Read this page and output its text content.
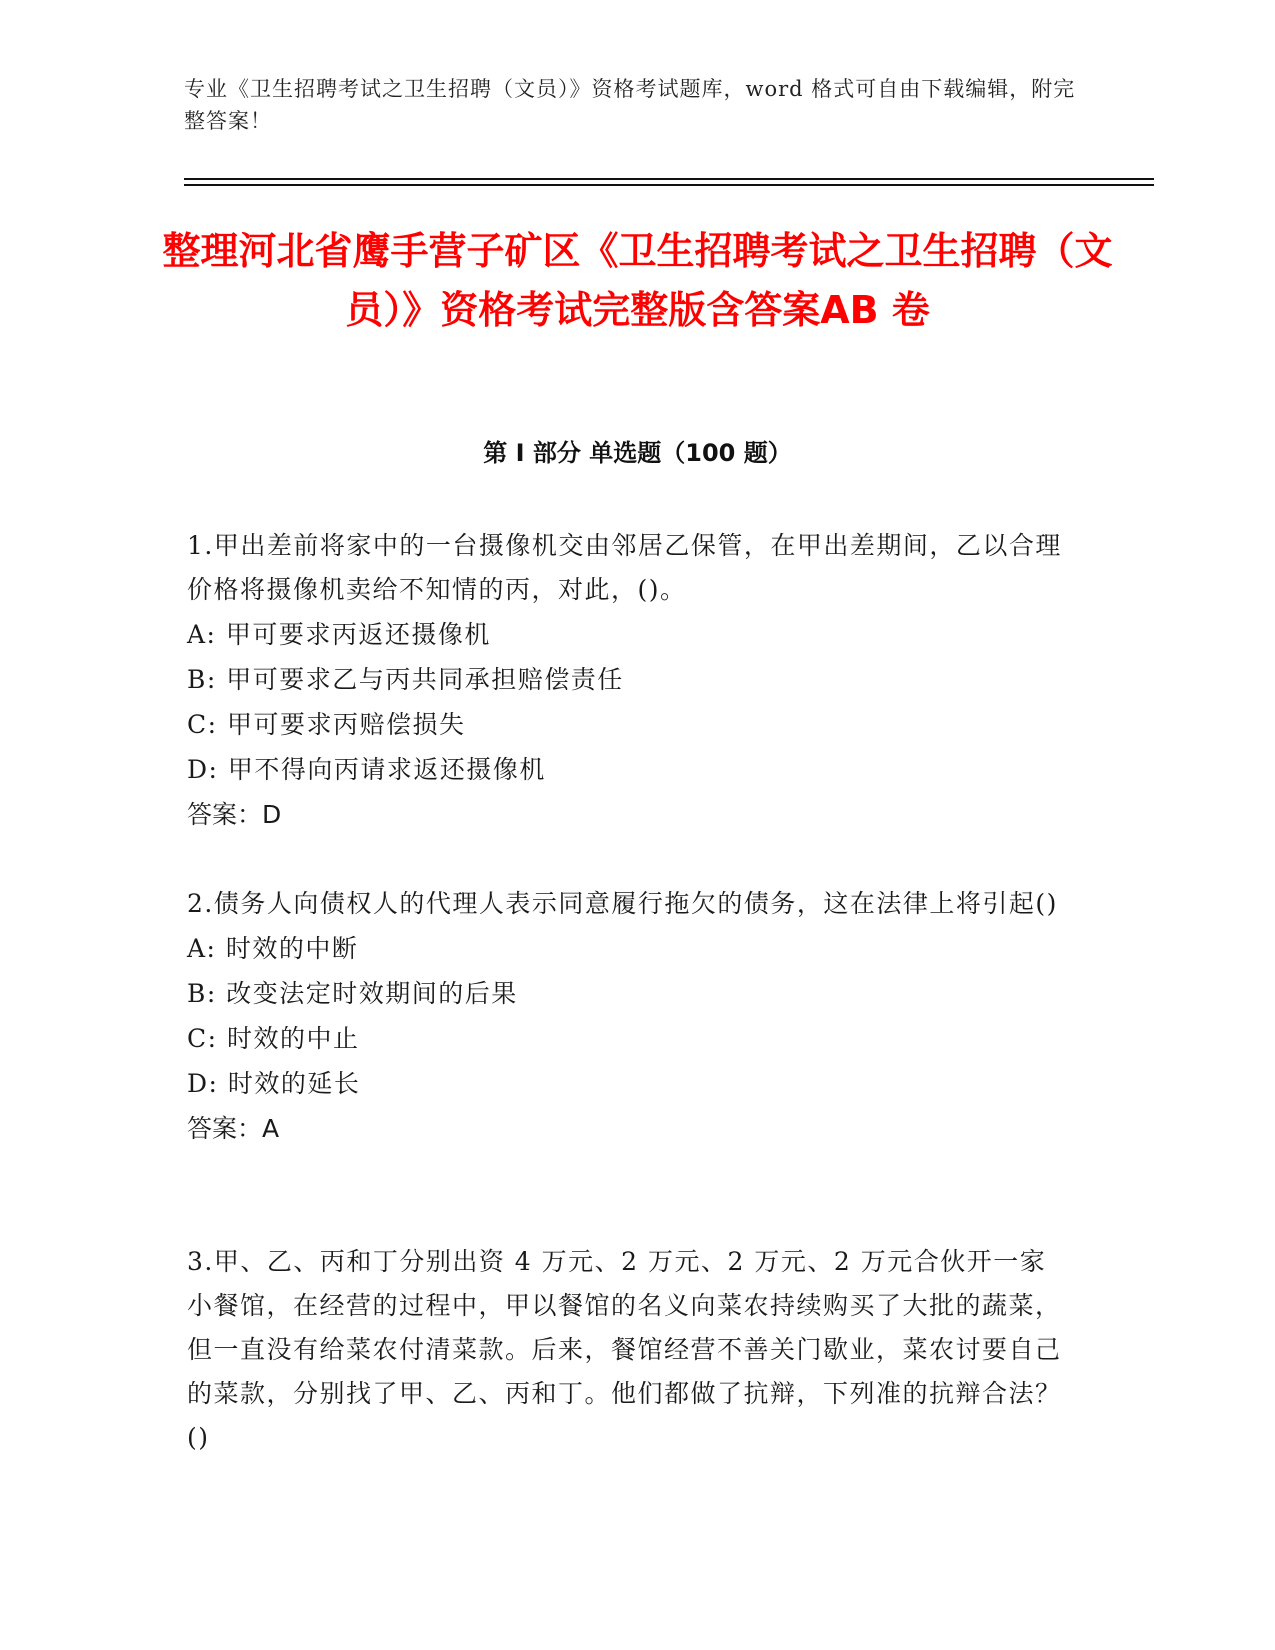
专业《卫生招聘考试之卫生招聘（文员）》资格考试题库，word 格式可自由下载编辑，附完整答案！
整理河北省鹰手营子矿区《卫生招聘考试之卫生招聘（文员）》资格考试完整版含答案AB 卷
第 I 部分 单选题（100 题）

1.甲出差前将家中的一台摄像机交由邻居乙保管，在甲出差期间，乙以合理价格将摄像机卖给不知情的丙，对此，()。

A: 甲可要求丙返还摄像机

B: 甲可要求乙与丙共同承担赔偿责任

C: 甲可要求丙赔偿损失

D: 甲不得向丙请求返还摄像机

答案：D

2.债务人向债权人的代理人表示同意履行拖欠的债务，这在法律上将引起()

A: 时效的中断

B: 改变法定时效期间的后果

C: 时效的中止

D: 时效的延长

答案：A

3.甲、乙、丙和丁分别出资 4 万元、2 万元、2 万元、2 万元合伙开一家小餐馆，在经营的过程中，甲以餐馆的名义向菜农持续购买了大批的蔬菜，但一直没有给菜农付清菜款。后来，餐馆经营不善关门歇业，菜农讨要自己的菜款，分别找了甲、乙、丙和丁。他们都做了抗辩，下列准的抗辩合法？()
